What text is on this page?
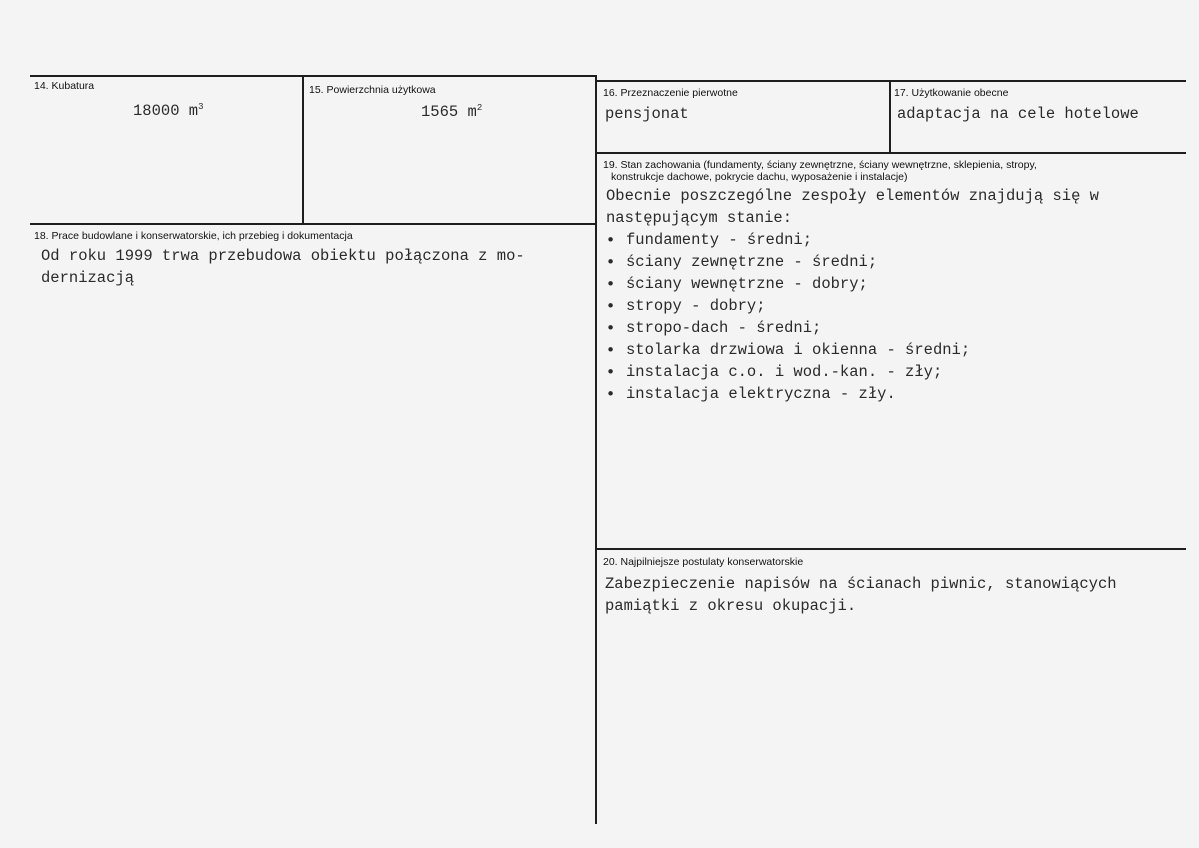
14. Kubatura
18000 $m^3$
15. Powierzchnia użytkowa
1565 $m^2$
16. Przeznaczenie pierwotne
pensjonat
17. Użytkowanie obecne
adaptacja na cele hotelowe
18. Prace budowlane i konserwatorskie, ich przebieg i dokumentacja
Od roku 1999 trwa przebudowa obiektu połączona z mo-
dernizacją
19. Stan zachowania (fundamenty, ściany zewnętrzne, ściany wewnętrzne, sklepienia, stropy,
konstrukcje dachowe, pokrycie dachu, wyposażenie i instalacje)
Obecnie poszczególne zespoły elementów znajdują się w
następującym stanie:
• fundamenty - średni;
• ściany zewnętrzne - średni;
• ściany wewnętrzne - dobry;
• stropy - dobry;
• stropo-dach - średni;
• stolarka drzwiowa i okienna - średni;
• instalacja c.o. i wod.-kan. - zły;
• instalacja elektryczna - zły.
20. Najpilniejsze postulaty konserwatorskie
Zabezpieczenie napisów na ścianach piwnic, stanowiących
pamiątki z okresu okupacji.
